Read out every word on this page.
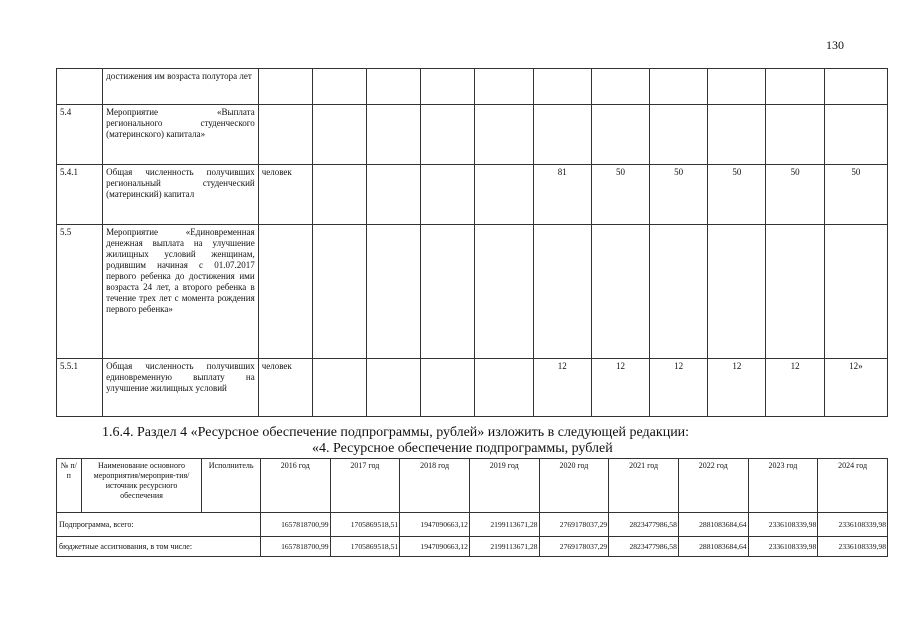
130
	достижения им возраста полутора лет											
5.4	Мероприятие «Выплата регионального студенческого (материнского) капитала»											
5.4.1	Общая численность получивших региональный студенческий (материнский) капитал	человек					81	50	50	50	50	50
5.5	Мероприятие «Единовременная денежная выплата на улучшение жилищных условий женщинам, родившим начиная с 01.07.2017 первого ребенка до достижения ими возраста 24 лет, а второго ребенка в течение трех лет с момента рождения первого ребенка»											
5.5.1	Общая численность получивших единовременную выплату на улучшение жилищных условий	человек					12	12	12	12	12	12»
1.6.4. Раздел 4 «Ресурсное обеспечение подпрограммы, рублей» изложить в следующей редакции:
«4. Ресурсное обеспечение подпрограммы, рублей
№ п/п	Наименование основного мероприятия/мероприя-тия/источник ресурсного обеспечения	Исполнитель	2016 год	2017 год	2018 год	2019 год	2020 год	2021 год	2022 год	2023 год	2024 год
Подпрограмма, всего:			1657818700,99	1705869518,51	1947090663,12	2199113671,28	2769178037,29	2823477986,58	2881083684,64	2336108339,98	2336108339,98
бюджетные ассигнования, в том числе:			1657818700,99	1705869518,51	1947090663,12	2199113671,28	2769178037,29	2823477986,58	2881083684,64	2336108339,98	2336108339,98
